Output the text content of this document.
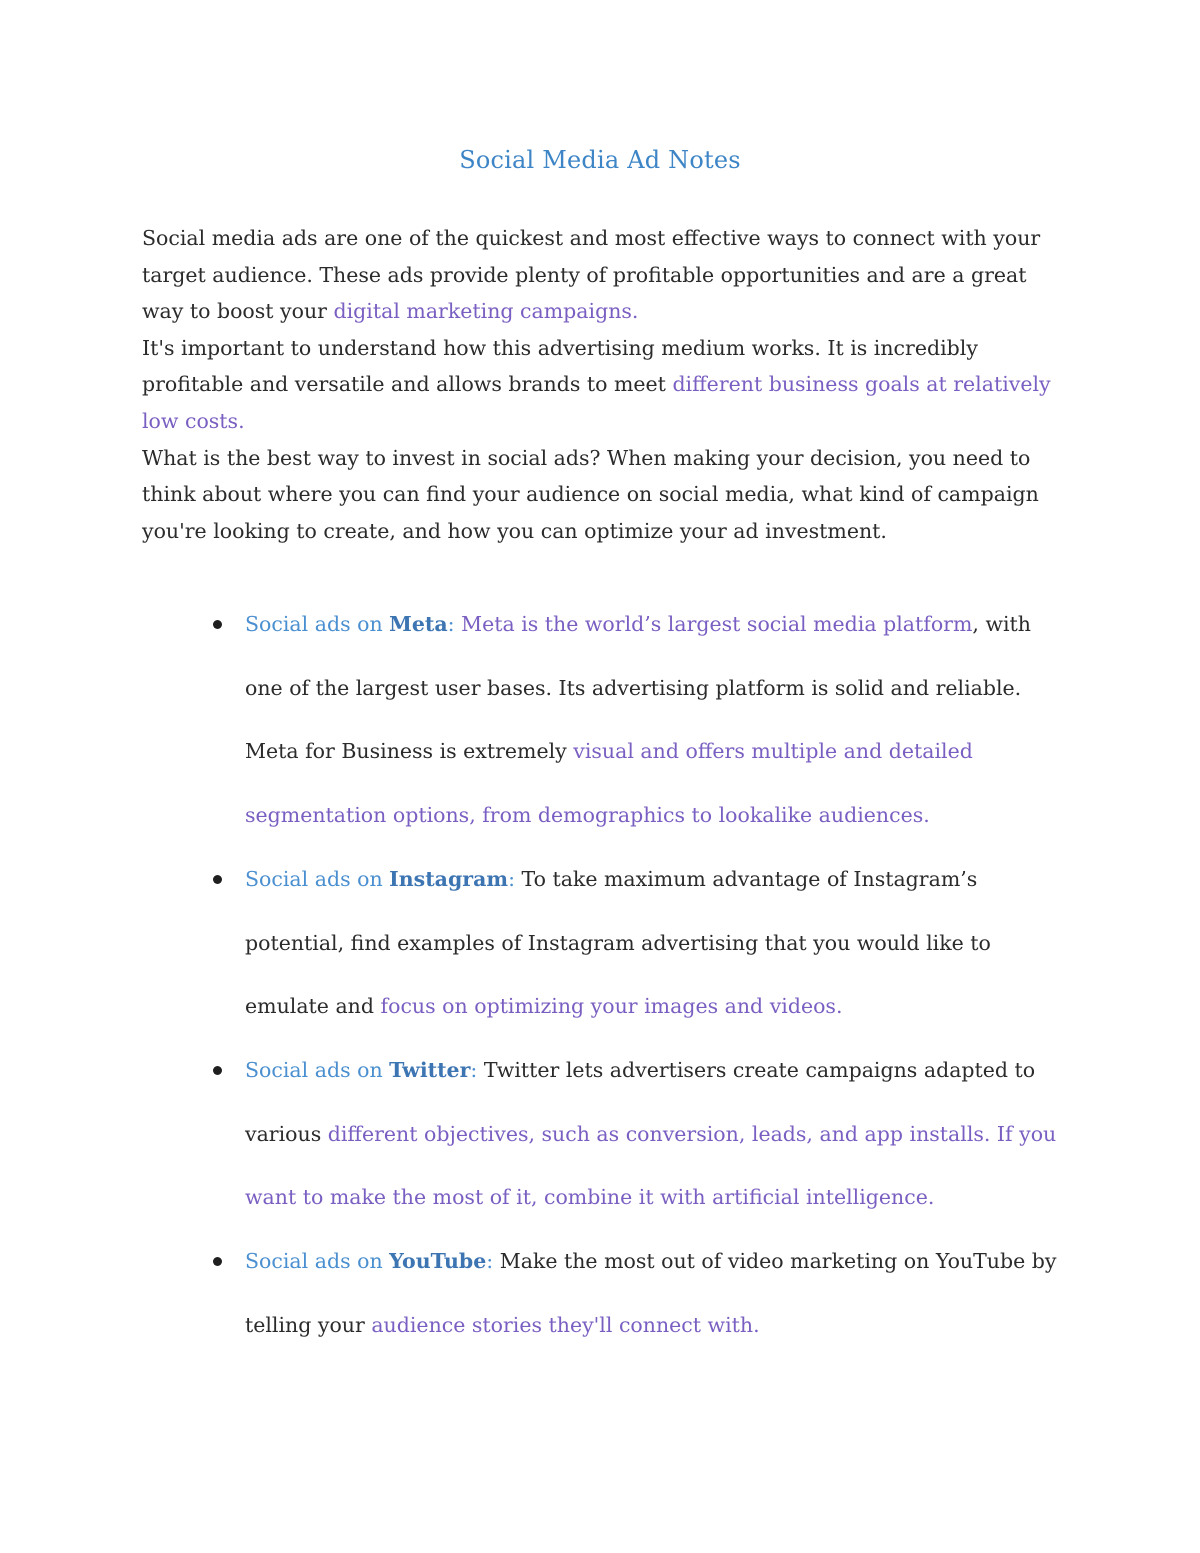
Social Media Ad Notes

Social media ads are one of the quickest and most effective ways to connect with your target audience. These ads provide plenty of profitable opportunities and are a great way to boost your digital marketing campaigns.

It's important to understand how this advertising medium works. It is incredibly profitable and versatile and allows brands to meet different business goals at relatively low costs.

What is the best way to invest in social ads? When making your decision, you need to think about where you can find your audience on social media, what kind of campaign you're looking to create, and how you can optimize your ad investment.

Social ads on Meta: Meta is the world’s largest social media platform, with one of the largest user bases. Its advertising platform is solid and reliable. Meta for Business is extremely visual and offers multiple and detailed segmentation options, from demographics to lookalike audiences.
Social ads on Instagram: To take maximum advantage of Instagram’s potential, find examples of Instagram advertising that you would like to emulate and focus on optimizing your images and videos.
Social ads on Twitter: Twitter lets advertisers create campaigns adapted to various different objectives, such as conversion, leads, and app installs. If you want to make the most of it, combine it with artificial intelligence.
Social ads on YouTube: Make the most out of video marketing on YouTube by telling your audience stories they'll connect with.
